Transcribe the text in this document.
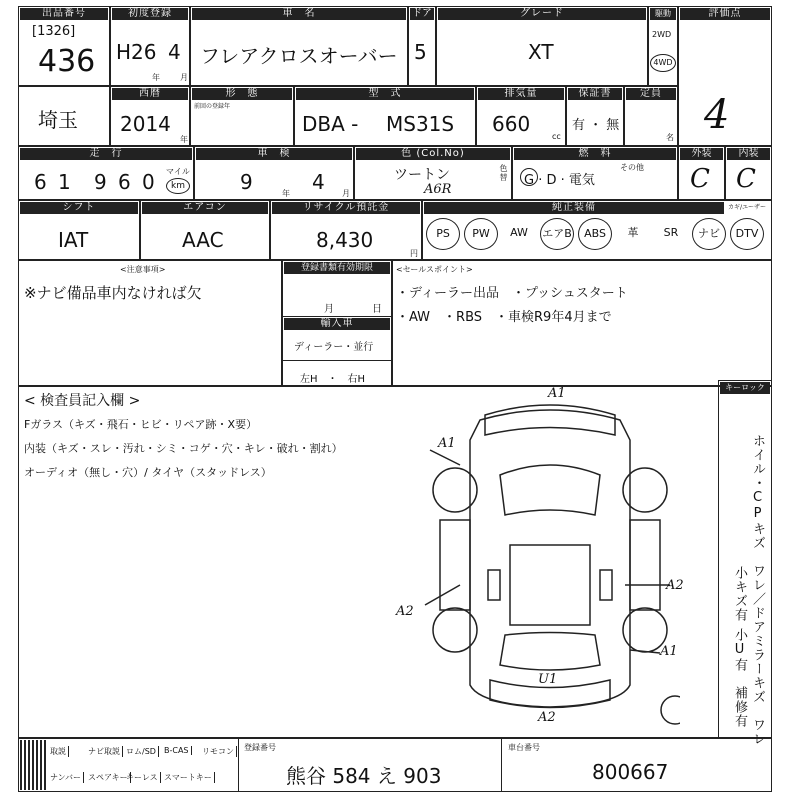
出品番号
[1326]
436
初度登録
H26 4
年	月
車　名
フレアクロスオーバー
ドア
5
グレード
XT
駆動
2WD
4WD
評価点
4
埼玉
西暦
2014
年
形　態
前回の登録年
型　式
DBA - MS31S
排気量
660
cc
保証書
有 ・ 無
定員
名
走　行
6 1 9 6 0 マイル
km
車　検
9	年 4 月
色 (Col.No)
ツートン
A6R
色替
燃　料
G · D · 電気
その他
外装
C
内装
C
シフト
IAT
エアコン
AAC
リサイクル預託金
8,430
円
純正装備	カギ/ユーザー
PS	PW	AW	エアB	ABS	革	SR	ナビ	DTV
<注意事項>
※ナビ備品車内なければ欠
登録書類有効期限
月	日
輸入車
ディーラー・並行
左H　・　右H
<セールスポイント>
・ディーラー出品　・プッシュスタート
・AW　・RBS　・車検R9年4月まで
< 検査員記入欄 >
Fガラス（キズ・飛石・ヒビ・リペア跡・X要）
内装（キズ・スレ・汚れ・シミ・コゲ・穴・キレ・破れ・割れ）
オーディオ（無し・穴）/ タイヤ（スタッドレス）
キーロック
ホイル・CPキズ　ワレ／ドアミラーキズ　ワレ
小キズ有
小U有
補修有
A1
A1
A2
A2
A1
U1
A2
取説	ナビ取説 ロム/SD	B-CAS	リモコン
ナンバー スペアキー
キーレス スマートキー
登録番号
熊谷 584 え 903
車台番号
800667
